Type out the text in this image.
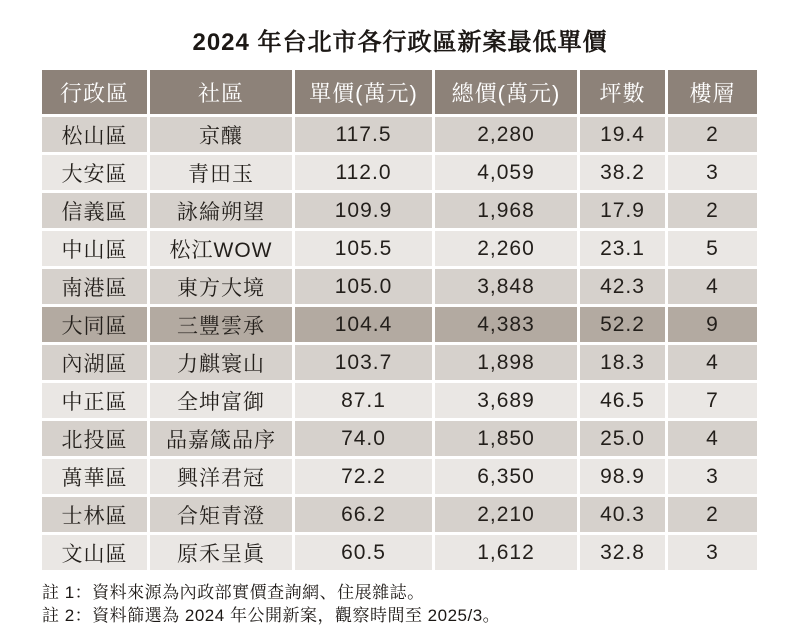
2024 年台北市各行政區新案最低單價
行政區	社區	單價(萬元)	總價(萬元)	坪數	樓層
松山區	京釀	117.5	2,280	19.4	2
大安區	青田玉	112.0	4,059	38.2	3
信義區	詠綸朔望	109.9	1,968	17.9	2
中山區	松江WOW	105.5	2,260	23.1	5
南港區	東方大境	105.0	3,848	42.3	4
大同區	三豐雲承	104.4	4,383	52.2	9
內湖區	力麒寰山	103.7	1,898	18.3	4
中正區	全坤富御	87.1	3,689	46.5	7
北投區	品嘉箴品序	74.0	1,850	25.0	4
萬華區	興洋君冠	72.2	6,350	98.9	3
士林區	合矩青澄	66.2	2,210	40.3	2
文山區	原禾呈眞	60.5	1,612	32.8	3
註 1：資料來源為內政部實價查詢網、住展雜誌。
註 2：資料篩選為 2024 年公開新案，觀察時間至 2025/3。
